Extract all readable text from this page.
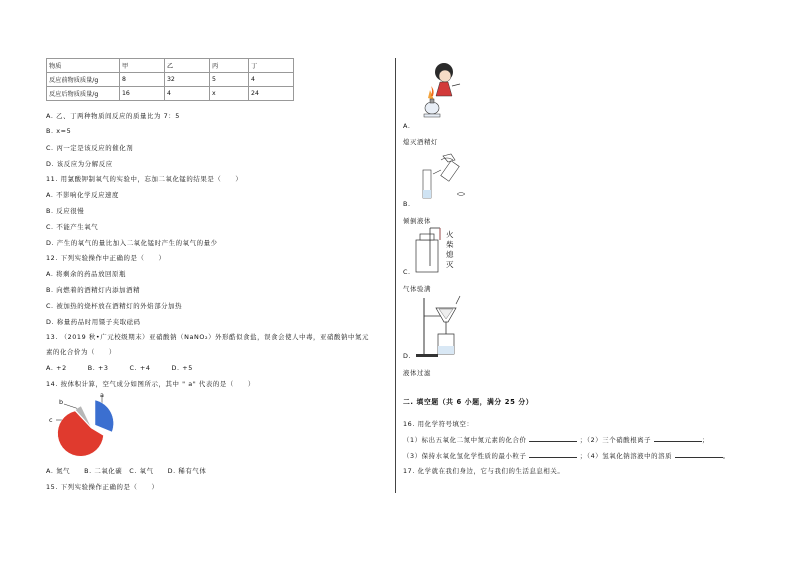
物质	甲	乙	丙	丁
反应前物质质量/g	8	32	5	4
反应后物质质量/g	16	4	x	24
A. 乙、丁两种物质间反应的质量比为 7：5
B. x=5
C. 丙一定是该反应的催化剂
D. 该反应为分解反应
11. 用氯酸钾制氧气的实验中，忘加二氧化锰的结果是（　　）
A. 不影响化学反应速度
B. 反应很慢
C. 不能产生氧气
D. 产生的氧气的量比加入二氧化锰时产生的氧气的量少
12. 下列实验操作中正确的是（　　）
A. 将剩余的药品放回原瓶
B. 向燃着的酒精灯内添加酒精
C. 被加热的烧杯放在酒精灯的外焰部分加热
D. 称量药品时用镊子夹取砝码
13. （2019 秋•广元校级期末）亚硝酸钠（NaNO₂）外形酷似食盐，误食会使人中毒，亚硝酸钠中氮元
素的化合价为（　　）
A. +2　　　B. +3　　　C. +4　　　D. +5
14. 按体积计算，空气成分如图所示，其中 " a" 代表的是（　　）
b
a
c
A. 氮气　　B. 二氧化碳　C. 氧气　　D. 稀有气体
15. 下列实验操作正确的是（　　）
A.
熄灭酒精灯
B.
倾倒液体
火柴熄灭
C.
气体验满
D.
液体过滤
二. 填空题（共 6 小题，满分 25 分）
16. 用化学符号填空：
（1）标出五氧化二氮中氮元素的化合价	；（2）三个硝酸根离子	；
（3）保持水氧化氢化学性质的最小粒子	；（4）氢氧化钠溶液中的溶质	。
17. 化学就在我们身边，它与我们的生活息息相关。
